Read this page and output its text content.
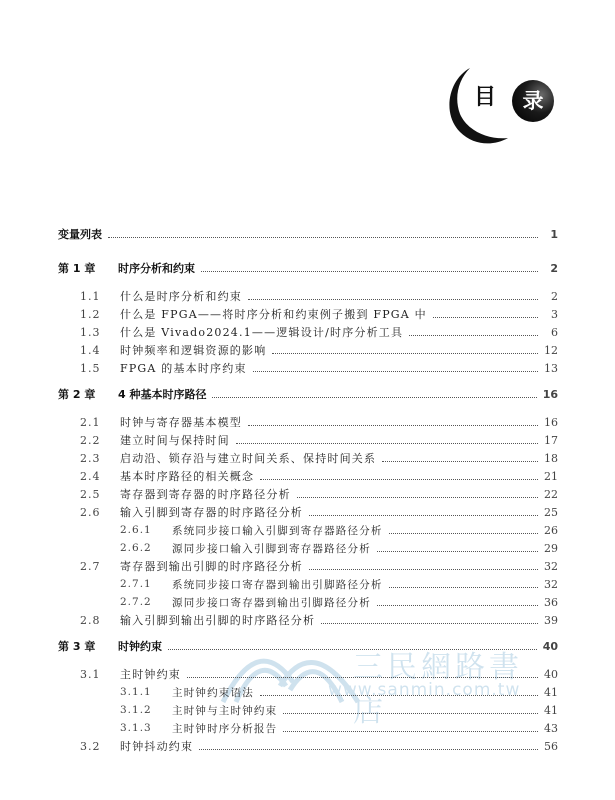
目	录
三民網路書店
www.sanmin.com.tw
变量列表	1
第 1 章	时序分析和约束	2
1.1	什么是时序分析和约束	2
1.2	什么是 FPGA——将时序分析和约束例子搬到 FPGA 中	3
1.3	什么是 Vivado2024.1——逻辑设计/时序分析工具	6
1.4	时钟频率和逻辑资源的影响	12
1.5	FPGA 的基本时序约束	13
第 2 章	4 种基本时序路径	16
2.1	时钟与寄存器基本模型	16
2.2	建立时间与保持时间	17
2.3	启动沿、锁存沿与建立时间关系、保持时间关系	18
2.4	基本时序路径的相关概念	21
2.5	寄存器到寄存器的时序路径分析	22
2.6	输入引脚到寄存器的时序路径分析	25
2.6.1	系统同步接口输入引脚到寄存器路径分析	26
2.6.2	源同步接口输入引脚到寄存器路径分析	29
2.7	寄存器到输出引脚的时序路径分析	32
2.7.1	系统同步接口寄存器到输出引脚路径分析	32
2.7.2	源同步接口寄存器到输出引脚路径分析	36
2.8	输入引脚到输出引脚的时序路径分析	39
第 3 章	时钟约束	40
3.1	主时钟约束	40
3.1.1	主时钟约束语法	41
3.1.2	主时钟与主时钟约束	41
3.1.3	主时钟时序分析报告	43
3.2	时钟抖动约束	56
